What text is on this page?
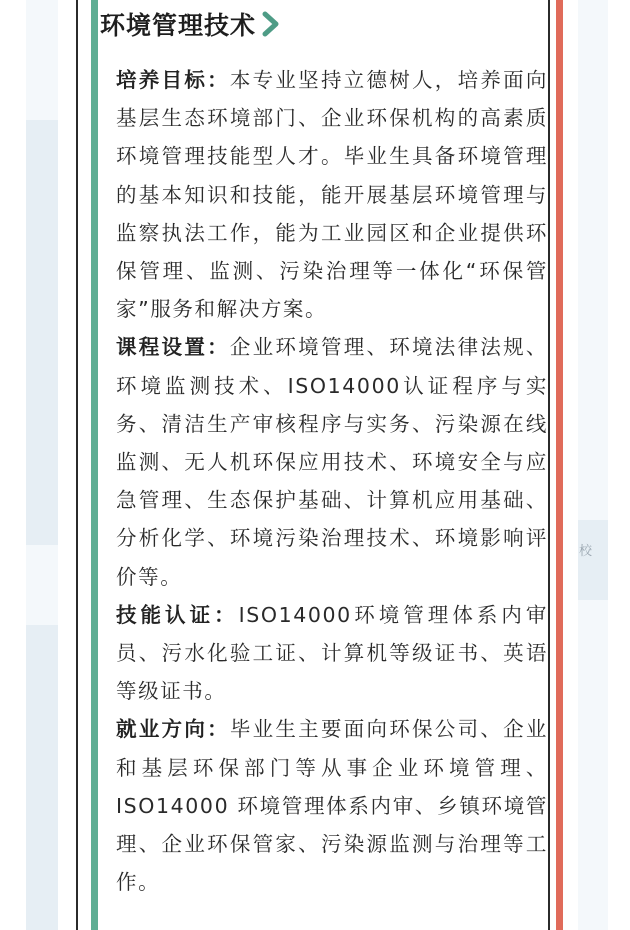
校
环境管理技术

培养目标：本专业坚持立德树人，培养面向基层生态环境部门、企业环保机构的高素质环境管理技能型人才。毕业生具备环境管理的基本知识和技能，能开展基层环境管理与监察执法工作，能为工业园区和企业提供环保管理、监测、污染治理等一体化“环保管家”服务和解决方案。

课程设置：企业环境管理、环境法律法规、环境监测技术、ISO14000认证程序与实务、清洁生产审核程序与实务、污染源在线监测、无人机环保应用技术、环境安全与应急管理、生态保护基础、计算机应用基础、分析化学、环境污染治理技术、环境影响评价等。

技能认证：ISO14000环境管理体系内审员、污水化验工证、计算机等级证书、英语等级证书。

就业方向：毕业生主要面向环保公司、企业和基层环保部门等从事企业环境管理、ISO14000 环境管理体系内审、乡镇环境管理、企业环保管家、污染源监测与治理等工作。
